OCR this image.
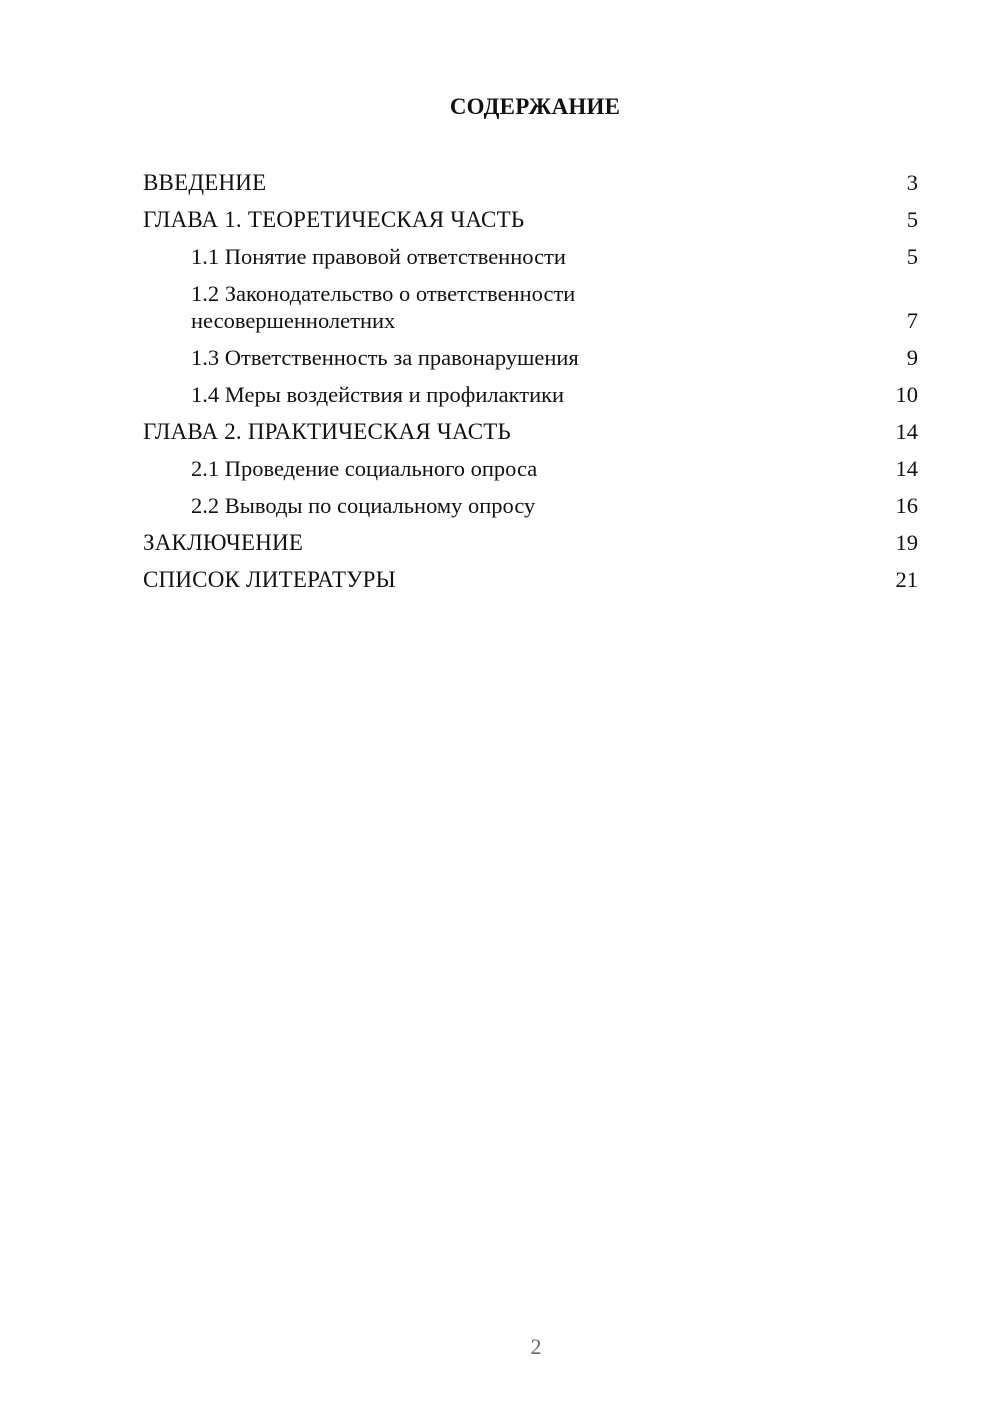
СОДЕРЖАНИЕ
ВВЕДЕНИЕ	3
ГЛАВА 1. ТЕОРЕТИЧЕСКАЯ ЧАСТЬ	5
1.1 Понятие правовой ответственности	5
1.2 Законодательство о ответственности несовершеннолетних	7
1.3 Ответственность за правонарушения	9
1.4 Меры воздействия и профилактики	10
ГЛАВА 2. ПРАКТИЧЕСКАЯ ЧАСТЬ	14
2.1 Проведение социального опроса	14
2.2 Выводы по социальному опросу	16
ЗАКЛЮЧЕНИЕ	19
СПИСОК ЛИТЕРАТУРЫ	21
2
